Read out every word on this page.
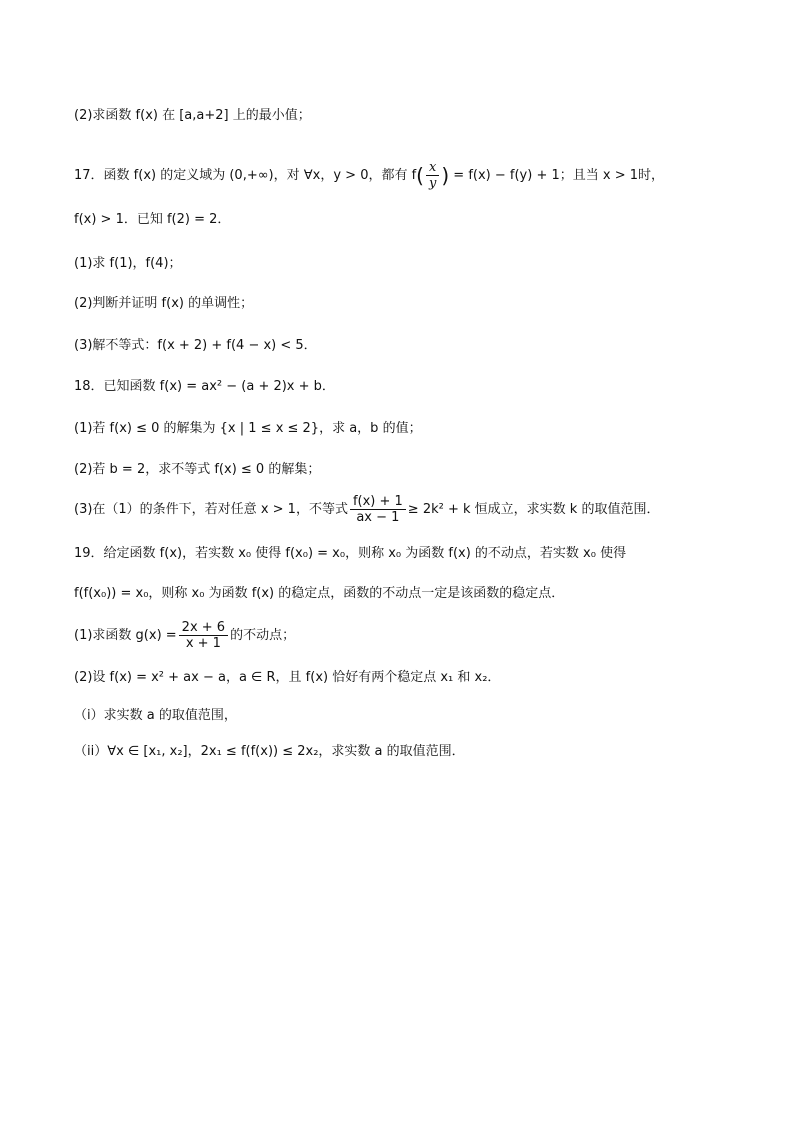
(2)求函数 f(x) 在 [a,a+2] 上的最小值；
17．函数 f(x) 的定义域为 (0,+∞)，对 ∀x，y > 0，都有 $f( \frac{x}{y}$ ) = f(x) − f(y) + 1；且当 x > 1时，
f(x) > 1．已知 f(2) = 2．
(1)求 f(1)，f(4)；
(2)判断并证明 f(x) 的单调性；
(3)解不等式：f(x + 2) + f(4 − x) < 5．
18．已知函数 f(x) = ax² − (a + 2)x + b．
(1)若 f(x) ≤ 0 的解集为 {x | 1 ≤ x ≤ 2}，求 a，b 的值；
(2)若 b = 2，求不等式 f(x) ≤ 0 的解集；
(3)在（1）的条件下，若对任意 x > 1，不等式 $\frac{f(x) + 1}{ax - 1} \ge 2k^2 + k$ 恒成立，求实数 k 的取值范围．
19．给定函数 f(x)，若实数 x₀ 使得 f(x₀) = x₀，则称 x₀ 为函数 f(x) 的不动点，若实数 x₀ 使得
f(f(x₀)) = x₀，则称 x₀ 为函数 f(x) 的稳定点，函数的不动点一定是该函数的稳定点．
(1)求函数 $g(x) = \frac{2x + 6}{x + 1}$ 的不动点；
(2)设 f(x) = x² + ax − a，a ∈ R，且 f(x) 恰好有两个稳定点 x₁ 和 x₂．
（i）求实数 a 的取值范围，
（ii）∀x ∈ [x₁, x₂]，2x₁ ≤ f(f(x)) ≤ 2x₂，求实数 a 的取值范围．
